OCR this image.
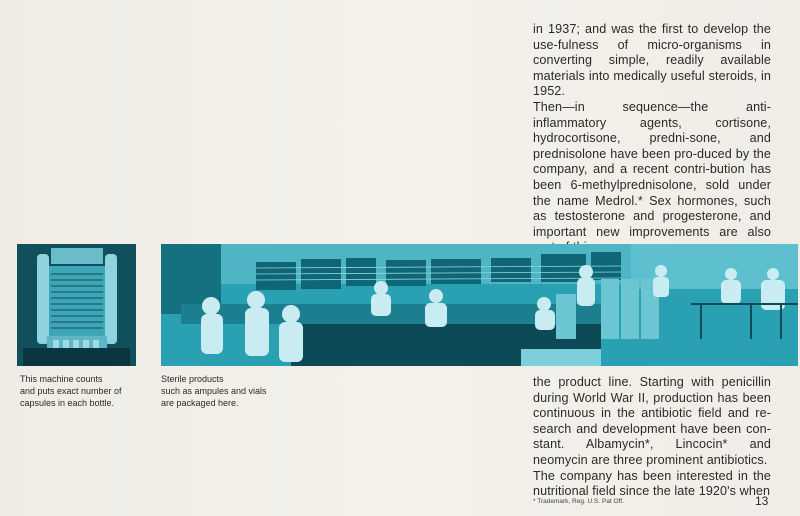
in 1937; and was the first to develop the use-fulness of micro-organisms in converting simple, readily available materials into medically useful steroids, in 1952.

Then—in sequence—the anti-inflammatory agents, cortisone, hydrocortisone, predni-sone, and prednisolone have been pro-duced by the company, and a recent contri-bution has been 6-methylprednisolone, sold under the name Medrol.* Sex hormones, such as testosterone and progesterone, and important new improvements are also

This machine counts
and puts exact number of
capsules in each bottle.
Sterile products
such as ampules and vials
are packaged here.

the product line. Starting with penicillin during World War II, production has been continuous in the antibiotic field and re-search and development have been con-stant. Albamycin*, Lincocin* and neomycin are three prominent antibiotics.

The company has been interested in the nutritional field since the late 1920's when

* Trademark, Reg. U.S. Pat Off.	13
